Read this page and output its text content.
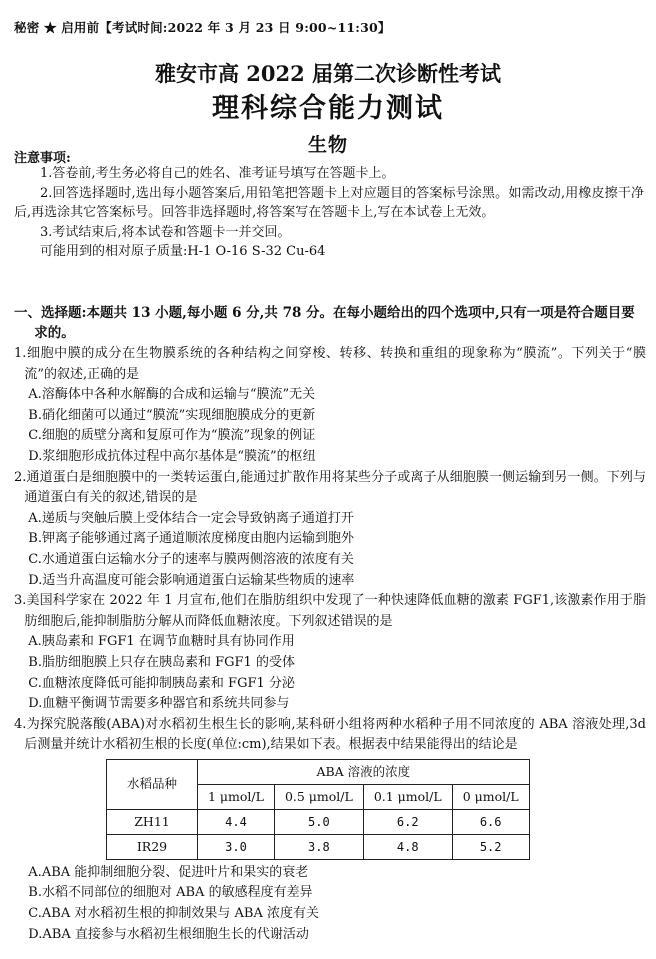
秘密 ★ 启用前【考试时间:2022 年 3 月 23 日 9:00~11:30】
雅安市高 2022 届第二次诊断性考试
理科综合能力测试
生物
注意事项:

1.答卷前,考生务必将自己的姓名、准考证号填写在答题卡上。

2.回答选择题时,选出每小题答案后,用铅笔把答题卡上对应题目的答案标号涂黑。如需改动,用橡皮擦干净后,再选涂其它答案标号。回答非选择题时,将答案写在答题卡上,写在本试卷上无效。

3.考试结束后,将本试卷和答题卡一并交回。

可能用到的相对原子质量:H-1 O-16 S-32 Cu-64

一、选择题:本题共 13 小题,每小题 6 分,共 78 分。在每小题给出的四个选项中,只有一项是符合题目要求的。

1.细胞中膜的成分在生物膜系统的各种结构之间穿梭、转移、转换和重组的现象称为“膜流”。下列关于“膜流”的叙述,正确的是

A.溶酶体中各种水解酶的合成和运输与“膜流”无关

B.硝化细菌可以通过“膜流”实现细胞膜成分的更新

C.细胞的质壁分离和复原可作为“膜流”现象的例证

D.浆细胞形成抗体过程中高尔基体是“膜流”的枢纽

2.通道蛋白是细胞膜中的一类转运蛋白,能通过扩散作用将某些分子或离子从细胞膜一侧运输到另一侧。下列与通道蛋白有关的叙述,错误的是

A.递质与突触后膜上受体结合一定会导致钠离子通道打开

B.钾离子能够通过离子通道顺浓度梯度由胞内运输到胞外

C.水通道蛋白运输水分子的速率与膜两侧溶液的浓度有关

D.适当升高温度可能会影响通道蛋白运输某些物质的速率

3.美国科学家在 2022 年 1 月宣布,他们在脂肪组织中发现了一种快速降低血糖的激素 FGF1,该激素作用于脂肪细胞后,能抑制脂肪分解从而降低血糖浓度。下列叙述错误的是

A.胰岛素和 FGF1 在调节血糖时具有协同作用

B.脂肪细胞膜上只存在胰岛素和 FGF1 的受体

C.血糖浓度降低可能抑制胰岛素和 FGF1 分泌

D.血糖平衡调节需要多种器官和系统共同参与

4.为探究脱落酸(ABA)对水稻初生根生长的影响,某科研小组将两种水稻种子用不同浓度的 ABA 溶液处理,3d 后测量并统计水稻初生根的长度(单位:cm),结果如下表。根据表中结果能得出的结论是

水稻品种	ABA 溶液的浓度			
	1 μmol/L	0.5 μmol/L	0.1 μmol/L	0 μmol/L
ZH11	4.4	5.0	6.2	6.6
IR29	3.0	3.8	4.8	5.2

A.ABA 能抑制细胞分裂、促进叶片和果实的衰老

B.水稻不同部位的细胞对 ABA 的敏感程度有差异

C.ABA 对水稻初生根的抑制效果与 ABA 浓度有关

D.ABA 直接参与水稻初生根细胞生长的代谢活动
